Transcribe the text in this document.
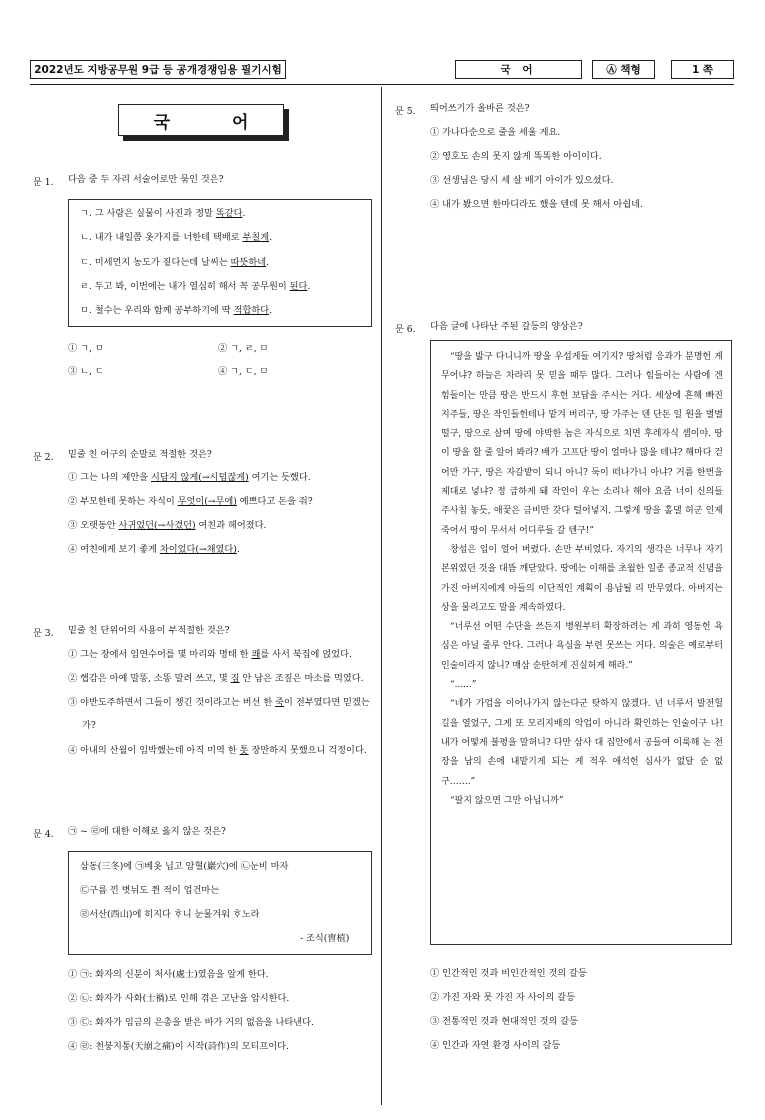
2022년도 지방공무원 9급 등 공개경쟁임용 필기시험	국 어	Ⓐ 책형	1 쪽
국 어
문 1. 다음 중 두 자리 서술어로만 묶인 것은?
ㄱ. 그 사람은 실물이 사진과 정말 똑같다.
ㄴ. 내가 내일쯤 옷가지를 너한테 택배로 부칠게.
ㄷ. 미세먼지 농도가 짙다는데 날씨는 따뜻하네.
ㄹ. 두고 봐, 이번에는 내가 열심히 해서 꼭 공무원이 된다.
ㅁ. 철수는 우리와 함께 공부하기에 딱 적합하다.
① ㄱ, ㅁ	② ㄱ, ㄹ, ㅁ
③ ㄴ, ㄷ	④ ㄱ, ㄷ, ㅁ
문 2. 밑줄 친 어구의 순말로 적절한 것은?
① 그는 나의 제안을 시답지 않게(→시덥잖게) 여기는 듯했다.
② 부모한테 못하는 자식이 무엇이(→무에) 예쁘다고 돈을 줘?
③ 오랫동안 사귀었던(→사겼던) 여친과 헤어졌다.
④ 여친에게 보기 좋게 차이었다(→채였다).
문 3. 밑줄 친 단위어의 사용이 부적절한 것은?
① 그는 장에서 임연수어를 몇 마리와 명태 한 쾌를 사서 북집에 얹었다.
② 햅감은 아예 말똥, 소똥 말려 쓰고, 몇 짐 안 남은 조짚은 마소를 먹였다.
③ 야반도주하면서 그들이 챙긴 것이라고는 버선 한 죽이 전부였다면 믿겠는
가?
④ 아내의 산월이 임박했는데 아직 미역 한 톳 장만하지 못했으니 걱정이다.
문 4. ㉠ ~ ㉣에 대한 이해로 옳지 않은 것은?
삼동(三冬)에 ㉠베옷 닙고 암혈(巖穴)에 ㉡눈비 마자
㉢구름 낀 볏뉘도 쮠 적이 업건마는
㉣서산(西山)에 히지다 ᄒᆞ니 눈물겨워 ᄒᆞ노라
- 조식(曺植)
① ㉠: 화자의 신분이 처사(處士)였음을 알게 한다.
② ㉡: 화자가 사화(士禍)로 인해 겪은 고난을 암시한다.
③ ㉢: 화자가 임금의 은총을 받은 바가 거의 없음을 나타낸다.
④ ㉣: 천붕지통(天崩之痛)이 시작(詩作)의 모티프이다.
문 5. 띄어쓰기가 올바른 것은?
① 가나다순으로 줄을 세울 게요.
② 영호도 손의 못지 않게 똑똑한 아이이다.
③ 선생님은 당시 세 살 배기 아이가 있으셨다.
④ 내가 봤으면 한마디라도 했을 텐데 못 해서 아쉽네.
문 6. 다음 글에 나타난 주된 갈등의 양상은?

“땅을 밟구 다니니까 땅을 우섭게들 여기지? 땅처럼 응과가 분명헌 게 무어냐? 하늘은 차라리 못 믿을 때두 많다. 그러나 힘들이는 사람에 겐 힘들이는 만큼 땅은 반드시 후헌 보답을 주시는 거다. 세상에 흔해 빠진 지주들, 땅은 작인들헌테나 맡겨 버리구, 땅 가주는 덴 단돈 일 원을 별별 떨구, 땅으로 살며 땅에 야박한 놈은 자식으로 치면 후레자식 셈이야. 땅이 땅을 할 줄 알어 봐라? 배가 고프단 땅이 얼마나 많을 테냐? 해마다 걷어만 가구, 땅은 자갈밭이 되니 아니? 둑이 떠나가니 아냐? 거름 한번을 제대로 넣냐? 정 급하게 돼 작인이 우는 소리나 해야 요즘 너이 신의들 주사침 놓듯, 애꿎은 금비만 갖다 털어넣지. 그렇게 땅을 홀댈 허군 인제 죽어서 땅이 무서서 어디루들 갈 텐구!”

창섭은 입이 얼어 버렸다. 손만 부비었다. 자기의 생각은 너무나 자기 본위였던 것을 대뜸 깨닫았다. 땅에는 이해를 초월한 일종 종교적 신념을 가진 아버지에게 아들의 이단적인 계획이 용납될 리 만무였다. 아버지는 상을 물리고도 말을 계속하였다.

“너루선 어떤 수단을 쓰든지 병원부터 확장하려는 게 과히 영동헌 욕심은 아닐 줄루 안다. 그러나 욕심을 부련 못쓰는 거다. 의술은 예로부터 인술이라지 않니? 매삼 순탄허게 진실허게 해라.”

“......”

“네가 가업을 이어나가지 않는다군 탓하지 않겠다. 넌 너루서 발전헐 길을 열었구, 그게 또 모리지배의 악업이 아니라 확인하는 인술이구 나! 내가 어떻게 불평을 말허니? 다만 삼사 대 집안에서 공들여 이룩해 논 전장을 남의 손에 내맡기게 되는 게 적우 애석헌 심사가 없달 순 없구…….”

“팔지 않으면 그만 아닙니까”

① 인간적인 것과 비인간적인 것의 갈등
② 가진 자와 못 가진 자 사이의 갈등
③ 전통적인 것과 현대적인 것의 갈등
④ 인간과 자연 환경 사이의 갈등
